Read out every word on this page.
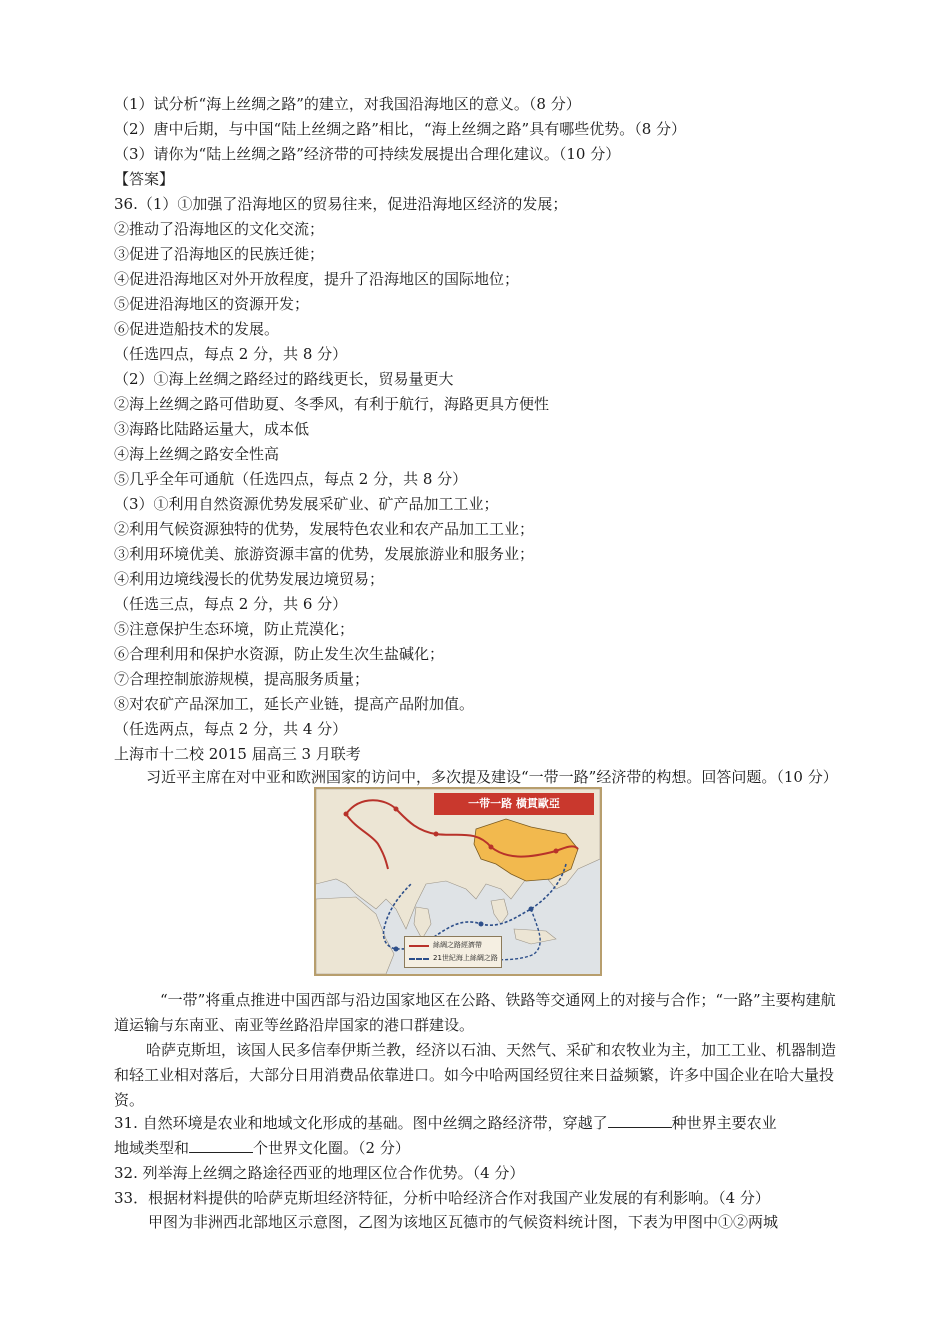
（1）试分析“海上丝绸之路”的建立，对我国沿海地区的意义。（8 分）
（2）唐中后期，与中国“陆上丝绸之路”相比，“海上丝绸之路”具有哪些优势。（8 分）
（3）请你为“陆上丝绸之路”经济带的可持续发展提出合理化建议。（10 分）
【答案】
36.（1）①加强了沿海地区的贸易往来，促进沿海地区经济的发展；
②推动了沿海地区的文化交流；
③促进了沿海地区的民族迁徙；
④促进沿海地区对外开放程度，提升了沿海地区的国际地位；
⑤促进沿海地区的资源开发；
⑥促进造船技术的发展。
（任选四点，每点 2 分，共 8 分）
（2）①海上丝绸之路经过的路线更长，贸易量更大
②海上丝绸之路可借助夏、冬季风，有利于航行，海路更具方便性
③海路比陆路运量大，成本低
④海上丝绸之路安全性高
⑤几乎全年可通航（任选四点，每点 2 分，共 8 分）
（3）①利用自然资源优势发展采矿业、矿产品加工工业；
②利用气候资源独特的优势，发展特色农业和农产品加工工业；
③利用环境优美、旅游资源丰富的优势，发展旅游业和服务业；
④利用边境线漫长的优势发展边境贸易；
（任选三点，每点 2 分，共 6 分）
⑤注意保护生态环境，防止荒漠化；
⑥合理利用和保护水资源，防止发生次生盐碱化；
⑦合理控制旅游规模，提高服务质量；
⑧对农矿产品深加工，延长产业链，提高产品附加值。
（任选两点，每点 2 分，共 4 分）
上海市十二校 2015 届高三 3 月联考
习近平主席在对中亚和欧洲国家的访问中，多次提及建设“一带一路”经济带的构想。回答问题。（10 分）
一带一路 橫貫歐亞
絲綢之路經濟帶
21世紀海上絲綢之路
“一带”将重点推进中国西部与沿边国家地区在公路、铁路等交通网上的对接与合作；“一路”主要构建航道运输与东南亚、南亚等丝路沿岸国家的港口群建设。
哈萨克斯坦，该国人民多信奉伊斯兰教，经济以石油、天然气、采矿和农牧业为主，加工工业、机器制造和轻工业相对落后，大部分日用消费品依靠进口。如今中哈两国经贸往来日益频繁，许多中国企业在哈大量投资。
31. 自然环境是农业和地域文化形成的基础。图中丝绸之路经济带，穿越了	种世界主要农业
地域类型和	个世界文化圈。（2 分）
32. 列举海上丝绸之路途径西亚的地理区位合作优势。（4 分）
33．根据材料提供的哈萨克斯坦经济特征，分析中哈经济合作对我国产业发展的有利影响。（4 分）
甲图为非洲西北部地区示意图，乙图为该地区瓦德市的气候资料统计图，下表为甲图中①②两城
